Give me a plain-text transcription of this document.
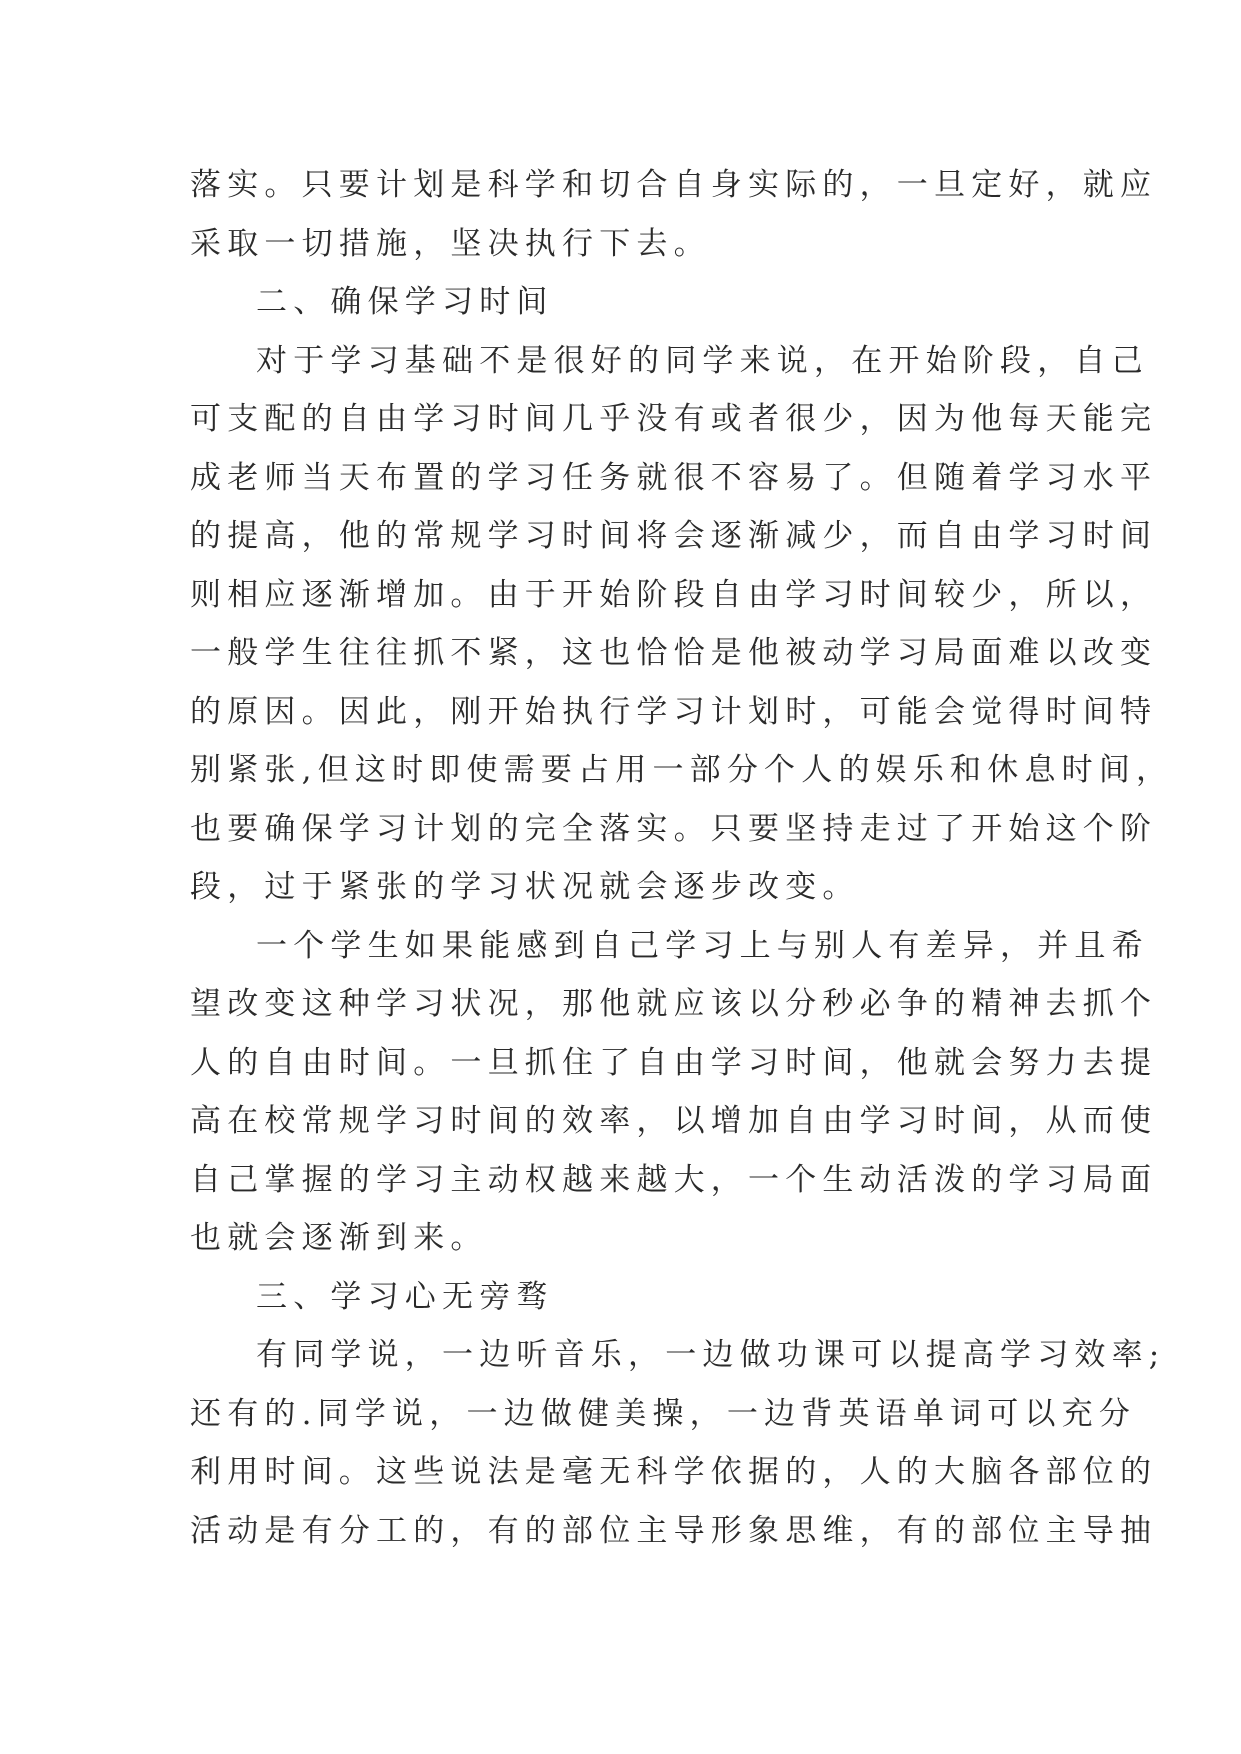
落实。只要计划是科学和切合自身实际的，一旦定好，就应
采取一切措施，坚决执行下去。
二、确保学习时间
对于学习基础不是很好的同学来说，在开始阶段，自己
可支配的自由学习时间几乎没有或者很少，因为他每天能完
成老师当天布置的学习任务就很不容易了。但随着学习水平
的提高，他的常规学习时间将会逐渐减少，而自由学习时间
则相应逐渐增加。由于开始阶段自由学习时间较少，所以，
一般学生往往抓不紧，这也恰恰是他被动学习局面难以改变
的原因。因此，刚开始执行学习计划时，可能会觉得时间特
别紧张,但这时即使需要占用一部分个人的娱乐和休息时间，
也要确保学习计划的完全落实。只要坚持走过了开始这个阶
段，过于紧张的学习状况就会逐步改变。
一个学生如果能感到自己学习上与别人有差异，并且希
望改变这种学习状况，那他就应该以分秒必争的精神去抓个
人的自由时间。一旦抓住了自由学习时间，他就会努力去提
高在校常规学习时间的效率，以增加自由学习时间，从而使
自己掌握的学习主动权越来越大，一个生动活泼的学习局面
也就会逐渐到来。
三、学习心无旁骛
有同学说，一边听音乐，一边做功课可以提高学习效率;
还有的.同学说，一边做健美操，一边背英语单词可以充分
利用时间。这些说法是毫无科学依据的，人的大脑各部位的
活动是有分工的，有的部位主导形象思维，有的部位主导抽
